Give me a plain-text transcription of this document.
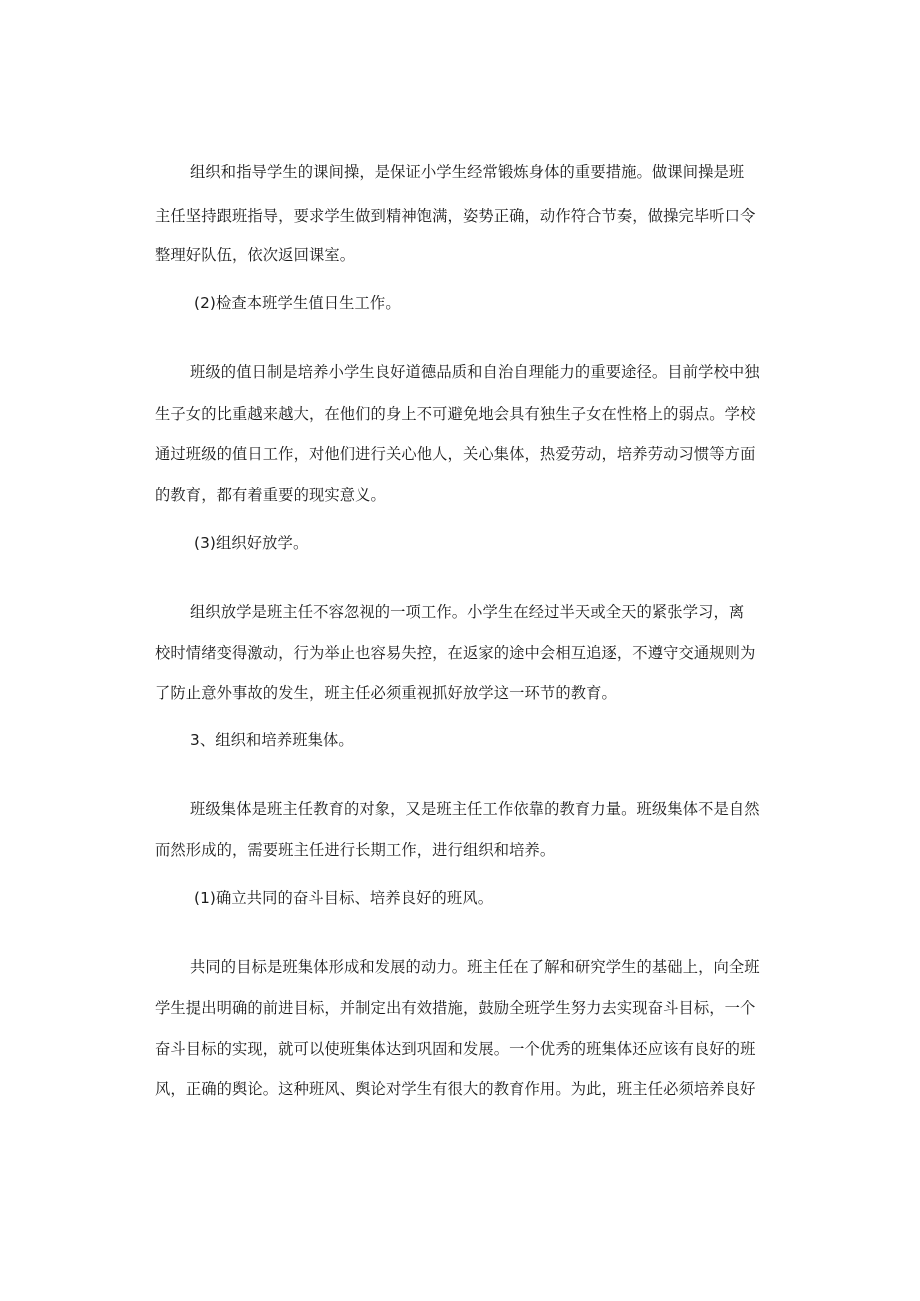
组织和指导学生的课间操，是保证小学生经常锻炼身体的重要措施。做课间操是班
主任坚持跟班指导，要求学生做到精神饱满，姿势正确，动作符合节奏，做操完毕听口令
整理好队伍，依次返回课室。
(2)检查本班学生值日生工作。
班级的值日制是培养小学生良好道德品质和自治自理能力的重要途径。目前学校中独
生子女的比重越来越大，在他们的身上不可避免地会具有独生子女在性格上的弱点。学校
通过班级的值日工作，对他们进行关心他人，关心集体，热爱劳动，培养劳动习惯等方面
的教育，都有着重要的现实意义。
(3)组织好放学。
组织放学是班主任不容忽视的一项工作。小学生在经过半天或全天的紧张学习，离
校时情绪变得激动，行为举止也容易失控，在返家的途中会相互追逐，不遵守交通规则为
了防止意外事故的发生，班主任必须重视抓好放学这一环节的教育。
3、组织和培养班集体。
班级集体是班主任教育的对象，又是班主任工作依靠的教育力量。班级集体不是自然
而然形成的，需要班主任进行长期工作，进行组织和培养。
(1)确立共同的奋斗目标、培养良好的班风。
共同的目标是班集体形成和发展的动力。班主任在了解和研究学生的基础上，向全班
学生提出明确的前进目标，并制定出有效措施，鼓励全班学生努力去实现奋斗目标，一个
奋斗目标的实现，就可以使班集体达到巩固和发展。一个优秀的班集体还应该有良好的班
风，正确的舆论。这种班风、舆论对学生有很大的教育作用。为此，班主任必须培养良好
